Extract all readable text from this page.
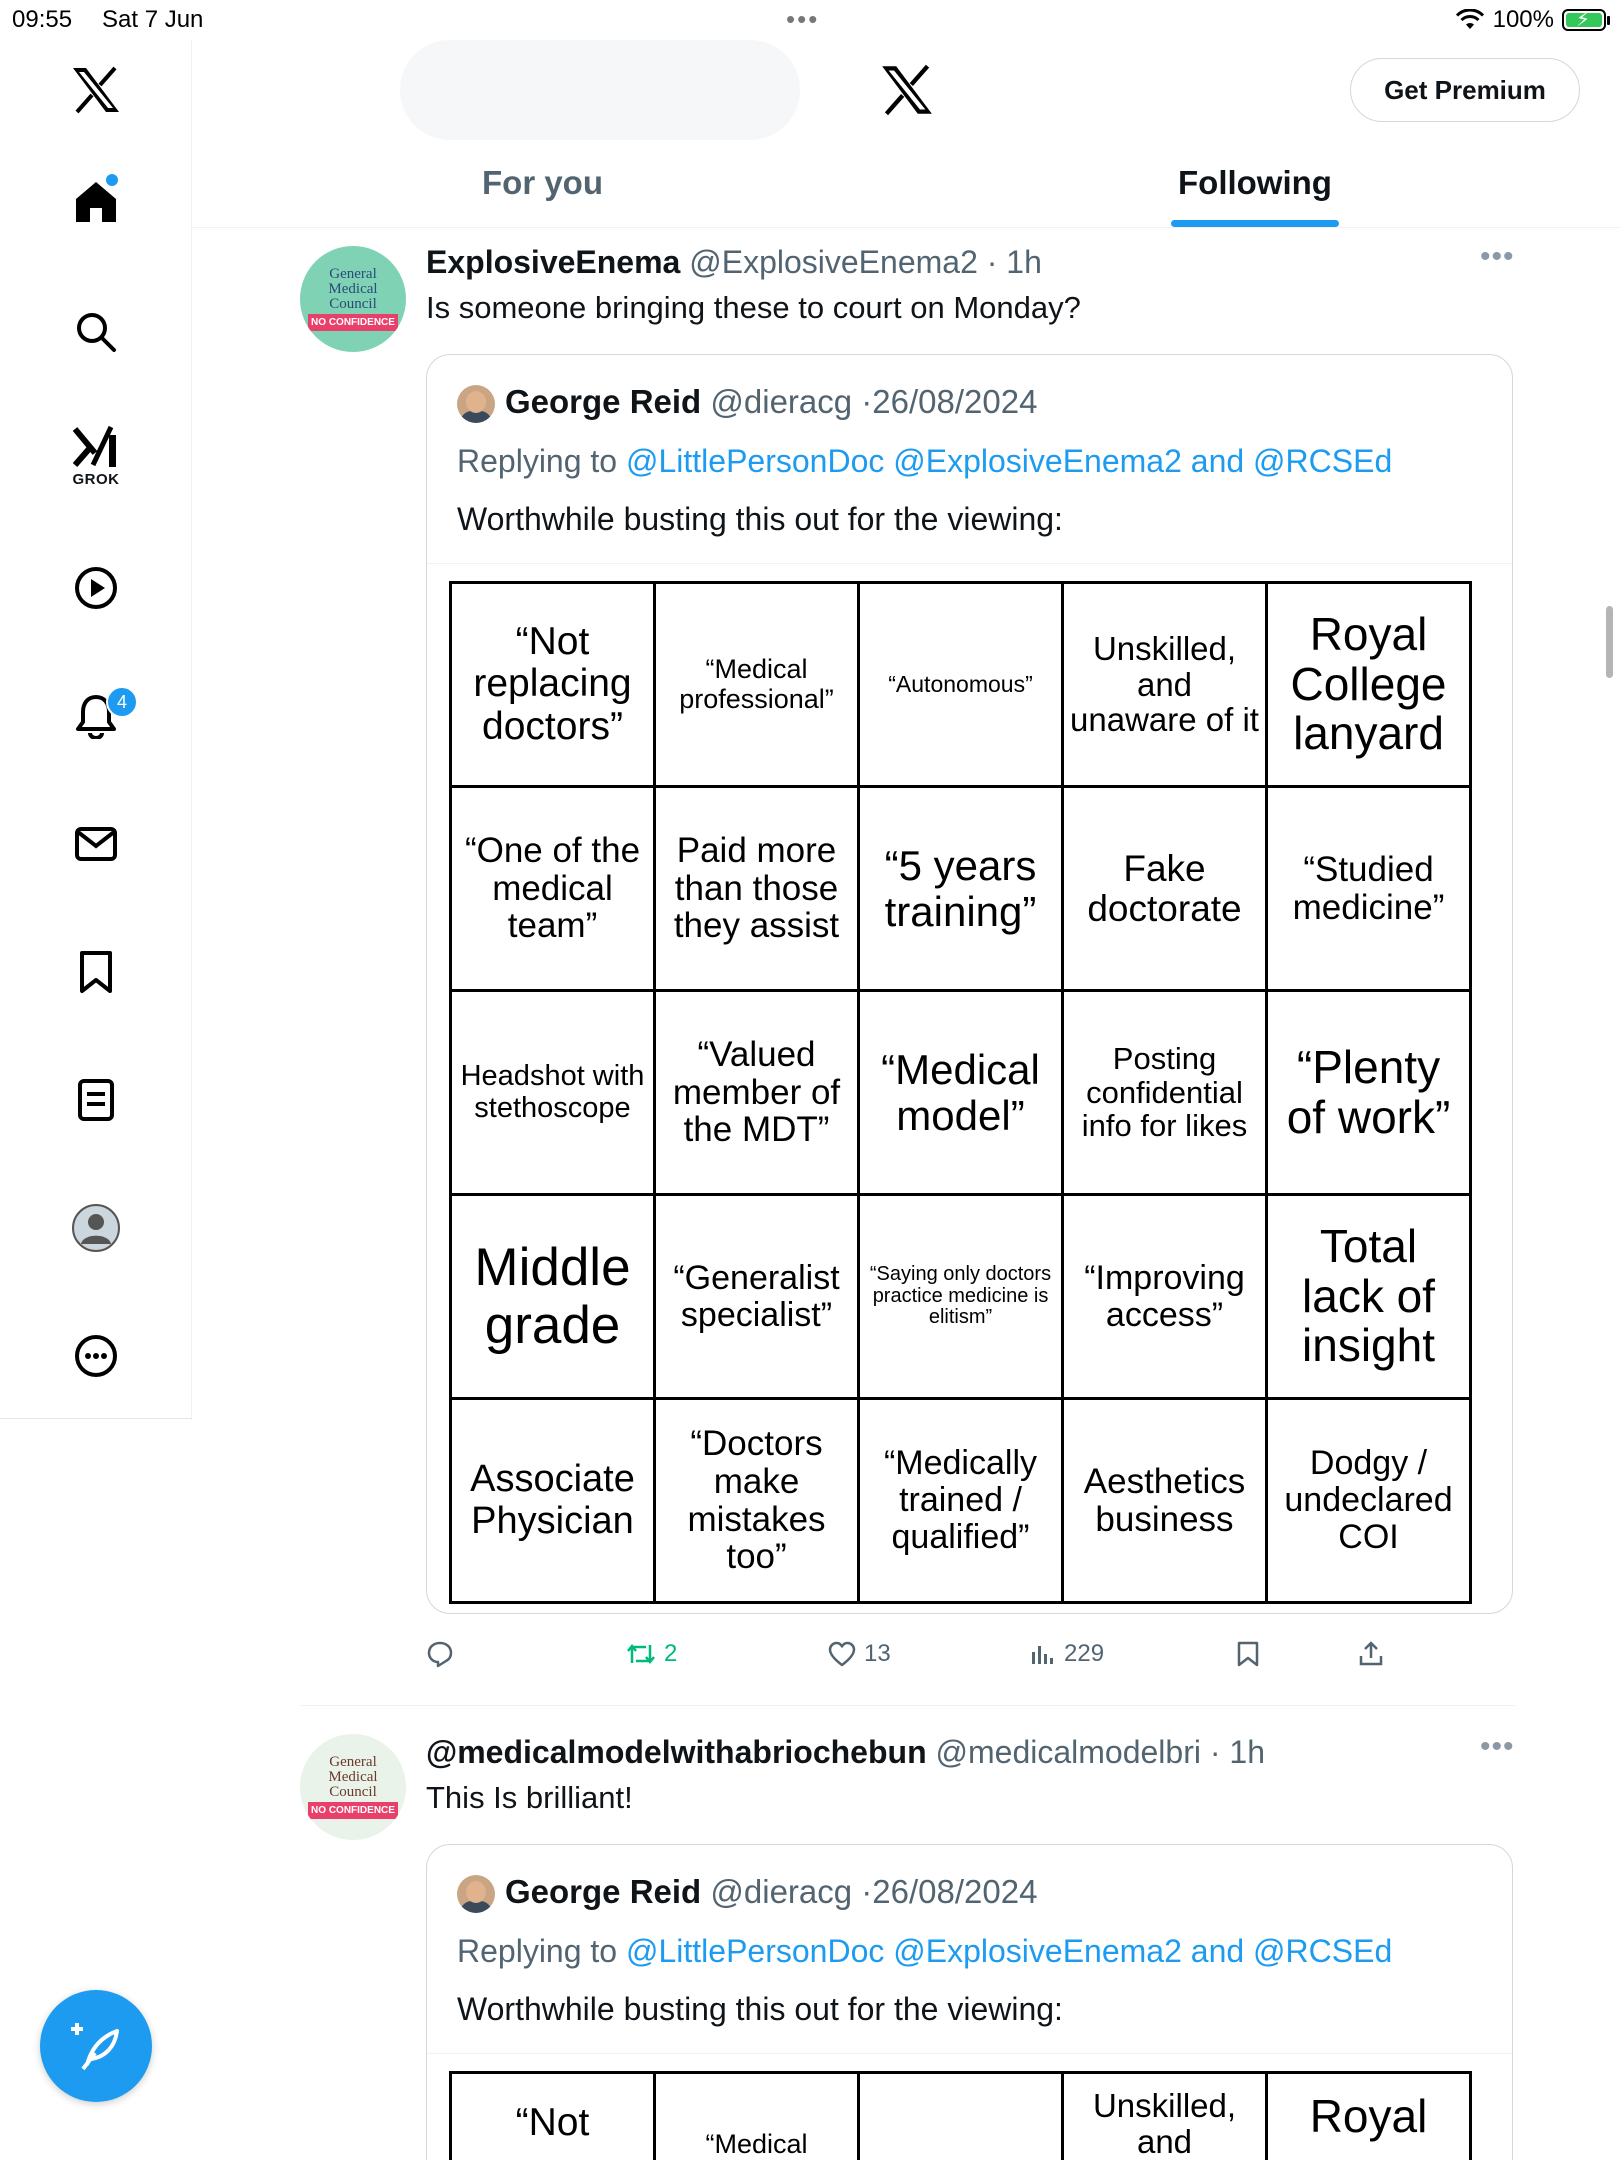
09:55 Sat 7 Jun	•••	100% ⚡
GROK
4
Get Premium
For you	Following
General
Medical
Council
NO CONFIDENCE
ExplosiveEnema @ExplosiveEnema2 · 1h	•••
Is someone bringing these to court on Monday?
George Reid @dieracg ·26/08/2024
Replying to @LittlePersonDoc @ExplosiveEnema2 and @RCSEd
Worthwhile busting this out for the viewing:
“Not replacing doctors”	“Medical professional”	“Autonomous”	Unskilled, and unaware of it	Royal College lanyard
“One of the medical team”	Paid more than those they assist	“5 years training”	Fake doctorate	“Studied medicine”
Headshot with stethoscope	“Valued member of the MDT”	“Medical model”	Posting confidential info for likes	“Plenty of work”
Middle grade	“Generalist specialist”	“Saying only doctors practice medicine is elitism”	“Improving access”	Total lack of insight
Associate Physician	“Doctors make mistakes too”	“Medically trained / qualified”	Aesthetics business	Dodgy / undeclared COI
2	13	229
General
Medical
Council
NO CONFIDENCE
@medicalmodelwithabriochebun @medicalmodelbri · 1h	•••
This Is brilliant!
George Reid @dieracg ·26/08/2024
Replying to @LittlePersonDoc @ExplosiveEnema2 and @RCSEd
Worthwhile busting this out for the viewing:
“Not	“Medical		Unskilled, and	Royal
